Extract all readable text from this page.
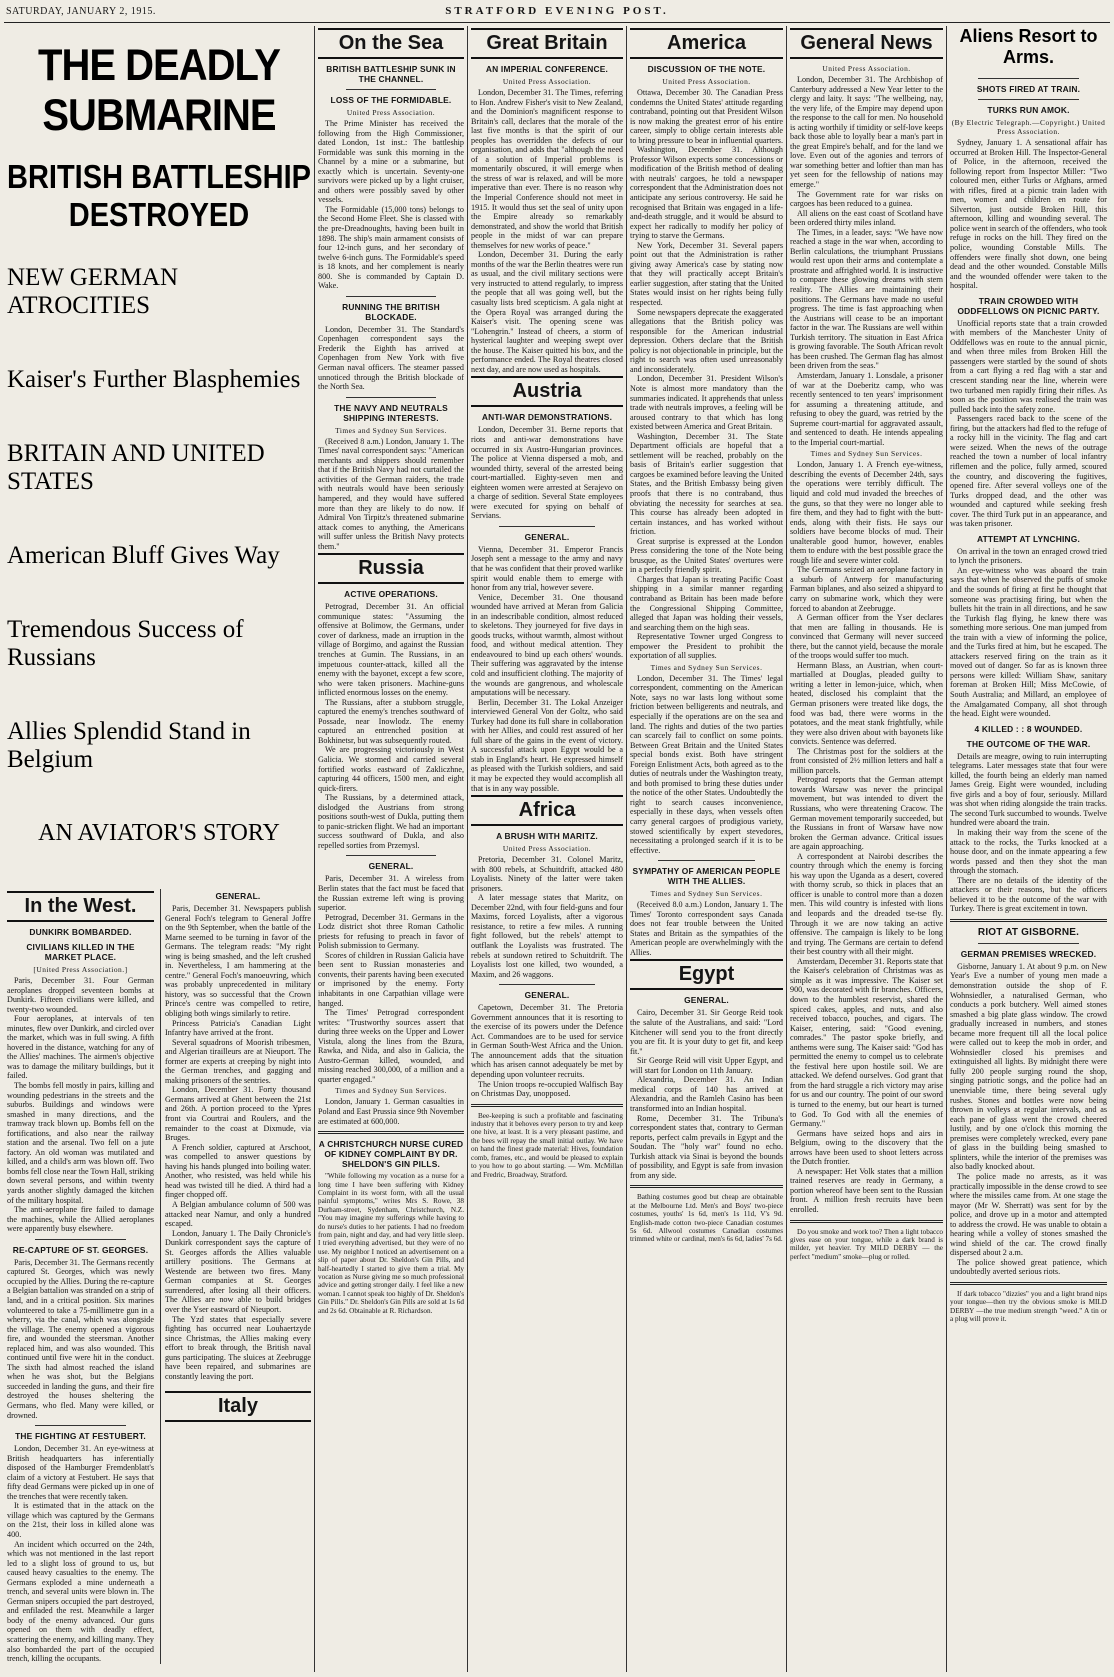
SATURDAY, JANUARY 2, 1915.	STRATFORD EVENING POST.
THE DEADLY SUBMARINE
BRITISH BATTLESHIP DESTROYED
NEW GERMAN ATROCITIES
Kaiser's Further Blasphemies
BRITAIN AND UNITED STATES
American Bluff Gives Way
Tremendous Success of Russians
Allies Splendid Stand in Belgium
AN AVIATOR'S STORY
In the West.
DUNKIRK BOMBARDED.
CIVILIANS KILLED IN THE MARKET PLACE.
[United Press Association.]

Paris, December 31. Four German aeroplanes dropped seventeen bombs at Dunkirk. Fifteen civilians were killed, and twenty-two wounded.

Four aeroplanes, at intervals of ten minutes, flew over Dunkirk, and circled over the market, which was in full swing. A fifth hovered in the distance, watching for any of the Allies' machines. The airmen's objective was to damage the military buildings, but it failed.

The bombs fell mostly in pairs, killing and wounding pedestrians in the streets and the suburbs. Buildings and windows were smashed in many directions, and the tramway track blown up. Bombs fell on the fortifications, and also near the railway station and the arsenal. Two fell on a jute factory. An old woman was mutilated and killed, and a child's arm was blown off. Two bombs fell close near the Town Hall, striking down several persons, and within twenty yards another slightly damaged the kitchen of the military hospital.

The anti-aeroplane fire failed to damage the machines, while the Allied aeroplanes were apparently busy elsewhere.

RE-CAPTURE OF ST. GEORGES.

Paris, December 31. The Germans recently captured St. Georges, which was newly occupied by the Allies. During the re-capture a Belgian battalion was stranded on a strip of land, and in a critical position. Six marines volunteered to take a 75-millimetre gun in a wherry, via the canal, which was alongside the village. The enemy opened a vigorous fire, and wounded the steersman. Another replaced him, and was also wounded. This continued until five were hit in the conduct. The sixth had almost reached the island when he was shot, but the Belgians succeeded in landing the guns, and their fire destroyed the houses sheltering the Germans, who fled. Many were killed, or drowned.

THE FIGHTING AT FESTUBERT.

London, December 31. An eye-witness at British headquarters has inferentially disposed of the Hamburger Fremdenblatt's claim of a victory at Festubert. He says that fifty dead Germans were picked up in one of the trenches that were recently taken.

It is estimated that in the attack on the village which was captured by the Germans on the 21st, their loss in killed alone was 400.

An incident which occurred on the 24th, which was not mentioned in the last report led to a slight loss of ground to us, but caused heavy casualties to the enemy. The Germans exploded a mine underneath a trench, and several units were blown in. The German snipers occupied the part destroyed, and enfiladed the rest. Meanwhile a larger body of the enemy advanced. Our guns opened on them with deadly effect, scattering the enemy, and killing many. They also bombarded the part of the occupied trench, killing the occupants.

GENERAL.

Paris, December 31. Newspapers publish General Foch's telegram to General Joffre on the 9th September, when the battle of the Marne seemed to be turning in favor of the Germans. The telegram reads: "My right wing is being smashed, and the left crushed in. Nevertheless, I am hammering at the centre." General Foch's manoeuvring, which was probably unprecedented in military history, was so successful that the Crown Prince's centre was compelled to retire, obliging both wings similarly to retire.

Princess Patricia's Canadian Light Infantry have arrived at the front.

Several squadrons of Moorish tribesmen, and Algerian tirailleurs are at Nieuport. The former are experts at creeping by night into the German trenches, and gagging and making prisoners of the sentries.

London, December 31. Forty thousand Germans arrived at Ghent between the 21st and 26th. A portion proceed to the Ypres front via Courtrai and Roulers, and the remainder to the coast at Dixmude, via Bruges.

A French soldier, captured at Arschoot, was compelled to answer questions by having his hands plunged into boiling water. Another, who resisted, was held while his head was twisted till he died. A third had a finger chopped off.

A Belgian ambulance column of 500 was attacked near Namur, and only a hundred escaped.

London, January 1. The Daily Chronicle's Dunkirk correspondent says the capture of St. Georges affords the Allies valuable artillery positions. The Germans at Westende are between two fires. Many German companies at St. Georges surrendered, after losing all their officers. The Allies are now able to build bridges over the Yser eastward of Nieuport.

The Yzd states that especially severe fighting has occurred near Louhaertzyde since Christmas, the Allies making every effort to break through, the British naval guns participating. The sluices at Zeebrugge have been repaired, and submarines are constantly leaving the port.

Italy
On the Sea
BRITISH BATTLESHIP SUNK IN THE CHANNEL.
LOSS OF THE FORMIDABLE.
United Press Association.

The Prime Minister has received the following from the High Commissioner, dated London, 1st inst.: The battleship Formidable was sunk this morning in the Channel by a mine or a submarine, but exactly which is uncertain. Seventy-one survivors were picked up by a light cruiser, and others were possibly saved by other vessels.

The Formidable (15,000 tons) belongs to the Second Home Fleet. She is classed with the pre-Dreadnoughts, having been built in 1898. The ship's main armament consists of four 12-inch guns, and her secondary of twelve 6-inch guns. The Formidable's speed is 18 knots, and her complement is nearly 800. She is commanded by Captain D. Wake.

RUNNING THE BRITISH BLOCKADE.

London, December 31. The Standard's Copenhagen correspondent says the Frederik the Eighth has arrived at Copenhagen from New York with five German naval officers. The steamer passed unnoticed through the British blockade of the North Sea.

THE NAVY AND NEUTRALS SHIPPING INTERESTS.
Times and Sydney Sun Services.

(Received 8 a.m.) London, January 1. The Times' naval correspondent says: "American merchants and shippers should remember that if the British Navy had not curtailed the activities of the German raiders, the trade with neutrals would have been seriously hampered, and they would have suffered more than they are likely to do now. If Admiral Von Tirpitz's threatened submarine attack comes to anything, the Americans will suffer unless the British Navy protects them."

Russia
ACTIVE OPERATIONS.

Petrograd, December 31. An official communique states: "Assuming the offensive at Bolimow, the Germans, under cover of darkness, made an irruption in the village of Borgimo, and against the Russian trenches at Gumin. The Russians, in an impetuous counter-attack, killed all the enemy with the bayonet, except a few score, who were taken prisoners. Machine-guns inflicted enormous losses on the enemy.

The Russians, after a stubborn struggle, captured the enemy's trenches southward of Possade, near Inowlodz. The enemy captured an entrenched position at Bokhinetsr, but was subsequently routed.

We are progressing victoriously in West Galicia. We stormed and carried several fortified works eastward of Zakliczhne, capturing 44 officers, 1500 men, and eight quick-firers.

The Russians, by a determined attack, dislodged the Austrians from strong positions south-west of Dukla, putting them to panic-stricken flight. We had an important success southward of Dukla, and also repelled sorties from Przemysl.

GENERAL.

Paris, December 31. A wireless from Berlin states that the fact must be faced that the Russian extreme left wing is proving superior.

Petrograd, December 31. Germans in the Lodz district shot three Roman Catholic priests for refusing to preach in favor of Polish submission to Germany.

Scores of children in Russian Galicia have been sent to Russian monasteries and convents, their parents having been executed or imprisoned by the enemy. Forty inhabitants in one Carpathian village were hanged.

The Times' Petrograd correspondent writes: "Trustworthy sources assert that during three weeks on the Upper and Lower Vistula, along the lines from the Bzura, Rawka, and Nida, and also in Galicia, the Austro-German killed, wounded, and missing reached 300,000, of a million and a quarter engaged."

Times and Sydney Sun Services.

London, January 1. German casualties in Poland and East Prussia since 9th November are estimated at 600,000.

A CHRISTCHURCH NURSE CURED OF KIDNEY COMPLAINT BY DR. SHELDON'S GIN PILLS.

"While following my vocation as a nurse for a long time I have been suffering with Kidney Complaint in its worst form, with all the usual painful symptoms," writes Mrs S. Rowe, 38 Durham-street, Sydenham, Christchurch, N.Z. "You may imagine my sufferings while having to do nurse's duties to her patients. I had no freedom from pain, night and day, and had very little sleep. I tried everything advertised, but they were of no use. My neighbor I noticed an advertisement on a slip of paper about Dr. Sheldon's Gin Pills, and half-heartedly I started to give them a trial. My vocation as Nurse giving me so much professional advice and getting stronger daily. I feel like a new woman. I cannot speak too highly of Dr. Sheldon's Gin Pills." Dr. Sheldon's Gin Pills are sold at 1s 6d and 2s 6d. Obtainable at R. Richardson.

Great Britain
AN IMPERIAL CONFERENCE.
United Press Association.

London, December 31. The Times, referring to Hon. Andrew Fisher's visit to New Zealand, and the Dominion's magnificent response to Britain's call, declares that the morale of the last five months is that the spirit of our peoples has overridden the defects of our organisation, and adds that "although the need of a solution of Imperial problems is momentarily obscured, it will emerge when the stress of war is relaxed, and will be more imperative than ever. There is no reason why the Imperial Conference should not meet in 1915. It would thus set the seal of unity upon the Empire already so remarkably demonstrated, and show the world that British people in the midst of war can prepare themselves for new works of peace."

London, December 31. During the early months of the war the Berlin theatres were run as usual, and the civil military sections were very instructed to attend regularly, to impress the people that all was going well, but the casualty lists bred scepticism. A gala night at the Opera Royal was arranged during the Kaiser's visit. The opening scene was "Lohengrin." Instead of cheers, a storm of hysterical laughter and weeping swept over the house. The Kaiser quitted his box, and the performance ended. The Royal theatres closed next day, and are now used as hospitals.

Austria
ANTI-WAR DEMONSTRATIONS.

London, December 31. Berne reports that riots and anti-war demonstrations have occurred in six Austro-Hungarian provinces. The police at Vienna dispersed a mob, and wounded thirty, several of the arrested being court-martialled. Eighty-seven men and eighteen women were arrested at Serajevo on a charge of sedition. Several State employees were executed for spying on behalf of Servians.

GENERAL.

Vienna, December 31. Emperor Francis Joseph sent a message to the army and navy that he was confident that their proved warlike spirit would enable them to emerge with honor from any trial, however severe.

Venice, December 31. One thousand wounded have arrived at Meran from Galicia in an indescribable condition, almost reduced to skeletons. They journeyed for five days in goods trucks, without warmth, almost without food, and without medical attention. They endeavoured to bind up each others' wounds. Their suffering was aggravated by the intense cold and insufficient clothing. The majority of the wounds are gangrenous, and wholescale amputations will be necessary.

Berlin, December 31. The Lokal Anzeiger interviewed General Von der Goltz, who said Turkey had done its full share in collaboration with her Allies, and could rest assured of her full share of the gains in the event of victory. A successful attack upon Egypt would be a stab in England's heart. He expressed himself as pleased with the Turkish soldiers, and said it may be expected they would accomplish all that is in any way possible.

Africa
A BRUSH WITH MARITZ.
United Press Association.

Pretoria, December 31. Colonel Maritz, with 800 rebels, at Schuitdrift, attacked 480 Loyalists. Ninety of the latter were taken prisoners.

A later message states that Maritz, on December 22nd, with four field-guns and four Maxims, forced Loyalists, after a vigorous resistance, to retire a few miles. A running fight followed, but the rebels' attempt to outflank the Loyalists was frustrated. The rebels at sundown retired to Schuitdrift. The Loyalists lost one killed, two wounded, a Maxim, and 26 waggons.

GENERAL.

Capetown, December 31. The Pretoria Government announces that it is resorting to the exercise of its powers under the Defence Act. Commandoes are to be used for service in German South-West Africa and the Union. The announcement adds that the situation which has arisen cannot adequately be met by depending upon volunteer recruits.

The Union troops re-occupied Walfisch Bay on Christmas Day, unopposed.

Bee-keeping is such a profitable and fascinating industry that it behoves every person to try and keep one hive, at least. It is a very pleasant pastime, and the bees will repay the small initial outlay. We have on hand the finest grade material: Hives, foundation comb, frames, etc., and would be pleased to explain to you how to go about starting. — Wm. McMillan and Fredric, Broadway, Stratford.

America
DISCUSSION OF THE NOTE.
United Press Association.

Ottawa, December 30. The Canadian Press condemns the United States' attitude regarding contraband, pointing out that President Wilson is now making the greatest error of his entire career, simply to oblige certain interests able to bring pressure to bear in influential quarters.

Washington, December 31. Although Professor Wilson expects some concessions or modification of the British method of dealing with neutrals' cargoes, he told a newspaper correspondent that the Administration does not anticipate any serious controversy. He said he recognised that Britain was engaged in a life-and-death struggle, and it would be absurd to expect her radically to modify her policy of trying to starve the Germans.

New York, December 31. Several papers point out that the Administration is rather giving away America's case by stating now that they will practically accept Britain's earlier suggestion, after stating that the United States would insist on her rights being fully respected.

Some newspapers deprecate the exaggerated allegations that the British policy was responsible for the American industrial depression. Others declare that the British policy is not objectionable in principle, but the right to search was often used unreasonably and inconsiderately.

London, December 31. President Wilson's Note is almost more mandatory than the summaries indicated. It apprehends that unless trade with neutrals improves, a feeling will be aroused contrary to that which has long existed between America and Great Britain.

Washington, December 31. The State Department officials are hopeful that a settlement will be reached, probably on the basis of Britain's earlier suggestion that cargoes be examined before leaving the United States, and the British Embassy being given proofs that there is no contraband, thus obviating the necessity for searches at sea. This course has already been adopted in certain instances, and has worked without friction.

Great surprise is expressed at the London Press considering the tone of the Note being brusque, as the United States' overtures were in a perfectly friendly spirit.

Charges that Japan is treating Pacific Coast shipping in a similar manner regarding contraband as Britain has been made before the Congressional Shipping Committee, alleged that Japan was holding their vessels, and searching them on the high seas.

Representative Towner urged Congress to empower the President to prohibit the exportation of all supplies.

Times and Sydney Sun Services.

London, December 31. The Times' legal correspondent, commenting on the American Note, says no war lasts long without some friction between belligerents and neutrals, and especially if the operations are on the sea and land. The rights and duties of the two parties can scarcely fail to conflict on some points. Between Great Britain and the United States special bonds exist. Both have stringent Foreign Enlistment Acts, both agreed as to the duties of neutrals under the Washington treaty, and both promised to bring these duties under the notice of the other States. Undoubtedly the right to search causes inconvenience, especially in these days, when vessels often carry general cargoes of prodigious variety, stowed scientifically by expert stevedores, necessitating a prolonged search if it is to be effective.

SYMPATHY OF AMERICAN PEOPLE WITH THE ALLIES.
Times and Sydney Sun Services.

(Received 8.0 a.m.) London, January 1. The Times' Toronto correspondent says Canada does not fear trouble between the United States and Britain as the sympathies of the American people are overwhelmingly with the Allies.

Egypt
GENERAL.

Cairo, December 31. Sir George Reid took the salute of the Australians, and said: "Lord Kitchener will send you to the front directly you are fit. It is your duty to get fit, and keep fit."

Sir George Reid will visit Upper Egypt, and will start for London on 11th January.

Alexandria, December 31. An Indian medical corps of 140 has arrived at Alexandria, and the Ramleh Casino has been transformed into an Indian hospital.

Rome, December 31. The Tribuna's correspondent states that, contrary to German reports, perfect calm prevails in Egypt and the Soudan. The "holy war" found no echo. Turkish attack via Sinai is beyond the bounds of possibility, and Egypt is safe from invasion from any side.

Bathing costumes good but cheap are obtainable at the Melbourne Ltd. Men's and Boys' two-piece costumes, youths' 1s 6d, men's 1s 11d, V's 9d. English-made cotton two-piece Canadian costumes 5s 6d. Allwool costumes Canadian costumes trimmed white or cardinal, men's 6s 6d, ladies' 7s 6d.

General News
United Press Association.

London, December 31. The Archbishop of Canterbury addressed a New Year letter to the clergy and laity. It says: "The wellbeing, nay, the very life, of the Empire may depend upon the response to the call for men. No household is acting worthily if timidity or self-love keeps back those able to loyally bear a man's part in the great Empire's behalf, and for the land we love. Even out of the agonies and terrors of war something better and loftier than man has yet seen for the fellowship of nations may emerge."

The Government rate for war risks on cargoes has been reduced to a guinea.

All aliens on the east coast of Scotland have been ordered thirty miles inland.

The Times, in a leader, says: "We have now reached a stage in the war when, according to Berlin calculations, the triumphant Prussians would rest upon their arms and contemplate a prostrate and affrighted world. It is instructive to compare these glowing dreams with stern reality. The Allies are maintaining their positions. The Germans have made no useful progress. The time is fast approaching when the Austrians will cease to be an important factor in the war. The Russians are well within Turkish territory. The situation in East Africa is growing favorable. The South African revolt has been crushed. The German flag has almost been driven from the seas."

Amsterdam, January 1. Lonsdale, a prisoner of war at the Doeberitz camp, who was recently sentenced to ten years' imprisonment for assuming a threatening attitude, and refusing to obey the guard, was retried by the Supreme court-martial for aggravated assault, and sentenced to death. He intends appealing to the Imperial court-martial.

Times and Sydney Sun Services.

London, January 1. A French eye-witness, describing the events of December 24th, says the operations were terribly difficult. The liquid and cold mud invaded the breeches of the guns, so that they were no longer able to fire them, and they had to fight with the butt-ends, along with their fists. He says our soldiers have become blocks of mud. Their unalterable good humor, however, enables them to endure with the best possible grace the rough life and severe winter cold.

The Germans seized an aeroplane factory in a suburb of Antwerp for manufacturing Farman biplanes, and also seized a shipyard to carry on submarine work, which they were forced to abandon at Zeebrugge.

A German officer from the Yser declares that men are falling in thousands. He is convinced that Germany will never succeed there, but the cannot yield, because the morale of the troops would suffer too much.

Hermann Blass, an Austrian, when court-martialled at Douglas, pleaded guilty to writing a letter in lemon-juice, which, when heated, disclosed his complaint that the German prisoners were treated like dogs, the food was bad, there were worms in the potatoes, and the meat stank frightfully, while they were also driven about with bayonets like convicts. Sentence was deferred.

The Christmas post for the soldiers at the front consisted of 2½ million letters and half a million parcels.

Petrograd reports that the German attempt towards Warsaw was never the principal movement, but was intended to divert the Russians, who were threatening Cracow. The German movement temporarily succeeded, but the Russians in front of Warsaw have now broken the German advance. Critical issues are again approaching.

A correspondent at Nairobi describes the country through which the enemy is forcing his way upon the Uganda as a desert, covered with thorny scrub, so thick in places that an officer is unable to control more than a dozen men. This wild country is infested with lions and leopards and the dreaded tse-tse fly. Through it we are now taking an active offensive. The campaign is likely to be long and trying. The Germans are certain to defend their best country with all their might.

Amsterdam, December 31. Reports state that the Kaiser's celebration of Christmas was as simple as it was impressive. The Kaiser set 900, was decorated with fir branches. Officers, down to the humblest reservist, shared the spiced cakes, apples, and nuts, and also received tobacco, pouches, and cigars. The Kaiser, entering, said: "Good evening, comrades." The pastor spoke briefly, and anthems were sung. The Kaiser said: "God has permitted the enemy to compel us to celebrate the festival here upon hostile soil. We are attacked. We defend ourselves. God grant that from the hard struggle a rich victory may arise for us and our country. The point of our sword is turned to the enemy, but our heart is turned to God. To God with all the enemies of Germany."

Germans have seized hops and airs in Belgium, owing to the discovery that the arrows have been used to shoot letters across the Dutch frontier.

A newspaper: Het Volk states that a million trained reserves are ready in Germany, a portion whereof have been sent to the Russian front. A million fresh recruits have been enrolled.

Do you smoke and work too? Then a light tobacco gives ease on your tongue, while a dark brand is milder, yet heavier. Try MILD DERBY — the perfect "medium" smoke—plug or rolled.

Aliens Resort to Arms.
SHOTS FIRED AT TRAIN.
TURKS RUN AMOK.
(By Electric Telegraph.—Copyright.) United Press Association.

Sydney, January 1. A sensational affair has occurred at Broken Hill. The Inspector-General of Police, in the afternoon, received the following report from Inspector Miller: "Two coloured men, either Turks or Afghans, armed with rifles, fired at a picnic train laden with men, women and children en route for Silverton, just outside Broken Hill, this afternoon, killing and wounding several. The police went in search of the offenders, who took refuge in rocks on the hill. They fired on the police, wounding Constable Mills. The offenders were finally shot down, one being dead and the other wounded. Constable Mills and the wounded offender were taken to the hospital.

TRAIN CROWDED WITH ODDFELLOWS ON PICNIC PARTY.

Unofficial reports state that a train crowded with members of the Manchester Unity of Oddfellows was en route to the annual picnic, and when three miles from Broken Hill the passengers were startled by the sound of shots from a cart flying a red flag with a star and crescent standing near the line, wherein were two turbaned men rapidly firing their rifles. As soon as the position was realised the train was pulled back into the safety zone.

Passengers raced back to the scene of the firing, but the attackers had fled to the refuge of a rocky hill in the vicinity. The flag and cart were seized. When the news of the outrage reached the town a number of local infantry riflemen and the police, fully armed, scoured the country, and discovering the fugitives, opened fire. After several volleys one of the Turks dropped dead, and the other was wounded and captured while seeking fresh cover. The third Turk put in an appearance, and was taken prisoner.

ATTEMPT AT LYNCHING.

On arrival in the town an enraged crowd tried to lynch the prisoners.

An eye-witness who was aboard the train says that when he observed the puffs of smoke and the sounds of firing at first he thought that someone was practising firing, but when the bullets hit the train in all directions, and he saw the Turkish flag flying, he knew there was something more serious. One man jumped from the train with a view of informing the police, and the Turks fired at him, but he escaped. The attackers reserved firing on the train as it moved out of danger. So far as is known three persons were killed: William Shaw, sanitary foreman at Broken Hill; Miss McCowie, of South Australia; and Millard, an employee of the Amalgamated Company, all shot through the head. Eight were wounded.

4 KILLED : : 8 WOUNDED.
THE OUTCOME OF THE WAR.

Details are meagre, owing to ruin interrupting telegrams. Later messages state that four were killed, the fourth being an elderly man named James Greig. Eight were wounded, including five girls and a boy of four, seriously. Millard was shot when riding alongside the train tracks. The second Turk succumbed to wounds. Twelve hundred were aboard the train.

In making their way from the scene of the attack to the rocks, the Turks knocked at a house door, and on the inmate appearing a few words passed and then they shot the man through the stomach.

There are no details of the identity of the attackers or their reasons, but the officers believed it to be the outcome of the war with Turkey. There is great excitement in town.

RIOT AT GISBORNE.
GERMAN PREMISES WRECKED.

Gisborne, January 1. At about 9 p.m. on New Year's Eve a number of young men made a demonstration outside the shop of F. Wohnsiedler, a naturalised German, who conducts a pork butchery. Well aimed stones smashed a big plate glass window. The crowd gradually increased in numbers, and stones became more frequent till all the local police were called out to keep the mob in order, and Wohnsiedler closed his premises and extinguished all lights. By midnight there were fully 200 people surging round the shop, singing patriotic songs, and the police had an unenviable time, there being several ugly rushes. Stones and bottles were now being thrown in volleys at regular intervals, and as each pane of glass went the crowd cheered lustily, and by one o'clock this morning the premises were completely wrecked, every pane of glass in the building being smashed to splinters, while the interior of the premises was also badly knocked about.

The police made no arrests, as it was practically impossible in the dense crowd to see where the missiles came from. At one stage the mayor (Mr W. Sherratt) was sent for by the police, and drove up in a motor and attempted to address the crowd. He was unable to obtain a hearing while a volley of stones smashed the wind shield of the car. The crowd finally dispersed about 2 a.m.

The police showed great patience, which undoubtedly averted serious riots.

If dark tobacco "dizzies" you and a light brand nips your tongue—then try the obvious smoke is MILD DERBY —the true medium strength "weed." A tin or a plug will prove it.
